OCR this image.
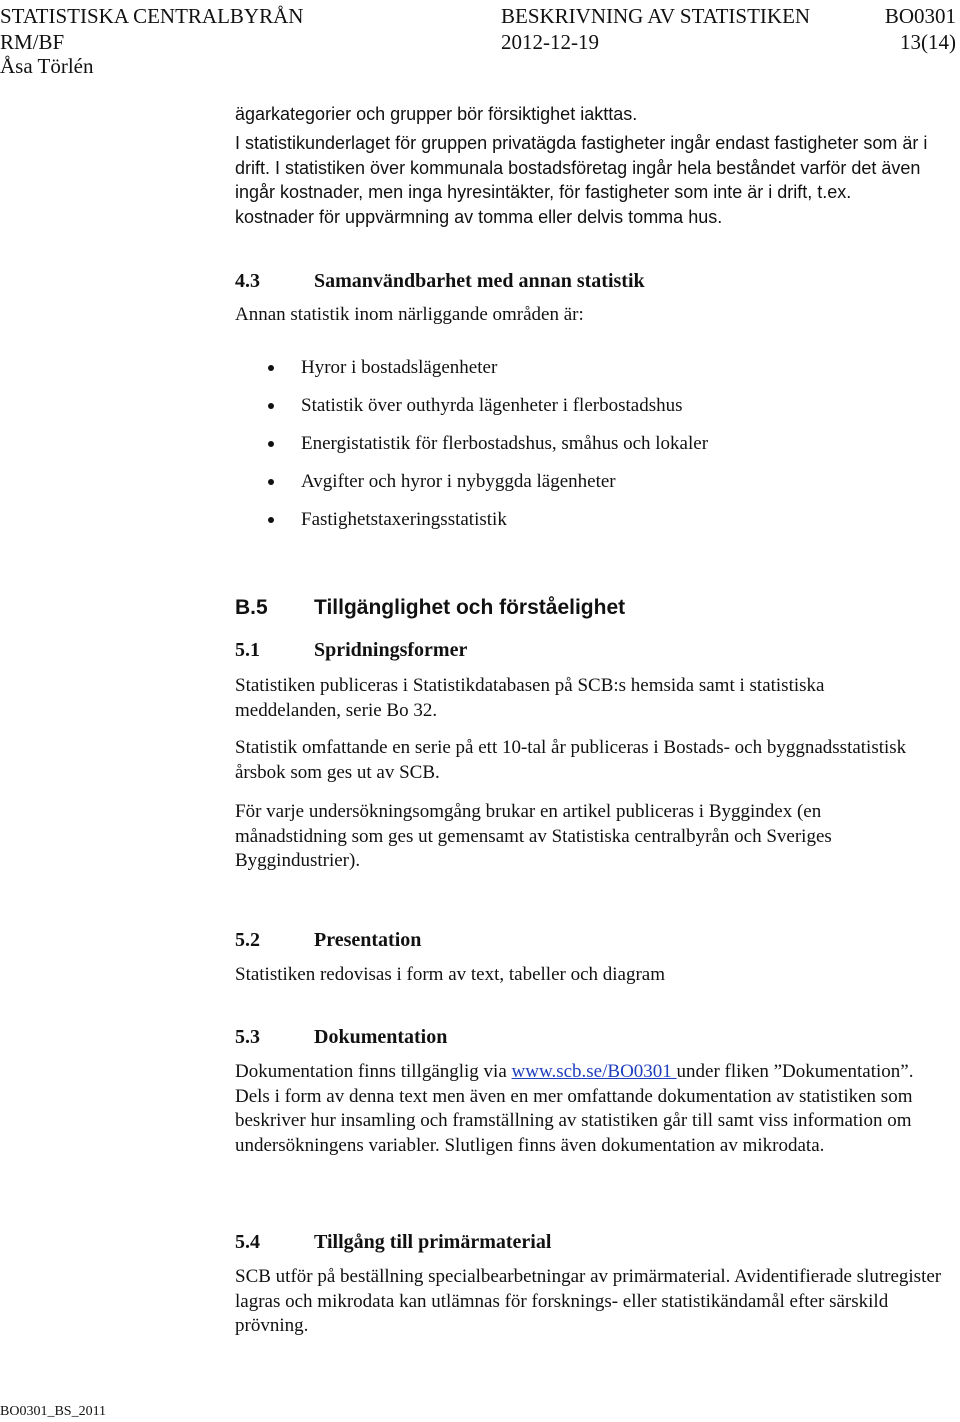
STATISTISKA CENTRALBYRÅN	BESKRIVNING AV STATISTIKEN	BO0301
RM/BF	2012-12-19	13(14)
Åsa Törlén
ägarkategorier och grupper bör försiktighet iakttas.
I statistikunderlaget för gruppen privatägda fastigheter ingår endast fastigheter som är i drift. I statistiken över kommunala bostadsföretag ingår hela beståndet varför det även ingår kostnader, men inga hyresintäkter, för fastigheter som inte är i drift, t.ex. kostnader för uppvärmning av tomma eller delvis tomma hus.
4.3	Samanvändbarhet med annan statistik
Annan statistik inom närliggande områden är:
Hyror i bostadslägenheter
Statistik över outhyrda lägenheter i flerbostadshus
Energistatistik för flerbostadshus, småhus och lokaler
Avgifter och hyror i nybyggda lägenheter
Fastighetstaxeringsstatistik
B.5 Tillgänglighet och förståelighet
5.1	Spridningsformer
Statistiken publiceras i Statistikdatabasen på SCB:s hemsida samt i statistiska meddelanden, serie Bo 32.
Statistik omfattande en serie på ett 10-tal år publiceras i Bostads- och byggnadsstatistisk årsbok som ges ut av SCB.
För varje undersökningsomgång brukar en artikel publiceras i Byggindex (en månadstidning som ges ut gemensamt av Statistiska centralbyrån och Sveriges Byggindustrier).
5.2	Presentation
Statistiken redovisas i form av text, tabeller och diagram
5.3	Dokumentation
Dokumentation finns tillgänglig via www.scb.se/BO0301 under fliken ”Dokumentation”. Dels i form av denna text men även en mer omfattande dokumentation av statistiken som beskriver hur insamling och framställning av statistiken går till samt viss information om undersökningens variabler. Slutligen finns även dokumentation av mikrodata.
5.4	Tillgång till primärmaterial
SCB utför på beställning specialbearbetningar av primärmaterial. Avidentifierade slutregister lagras och mikrodata kan utlämnas för forsknings- eller statistikändamål efter särskild prövning.
BO0301_BS_2011
